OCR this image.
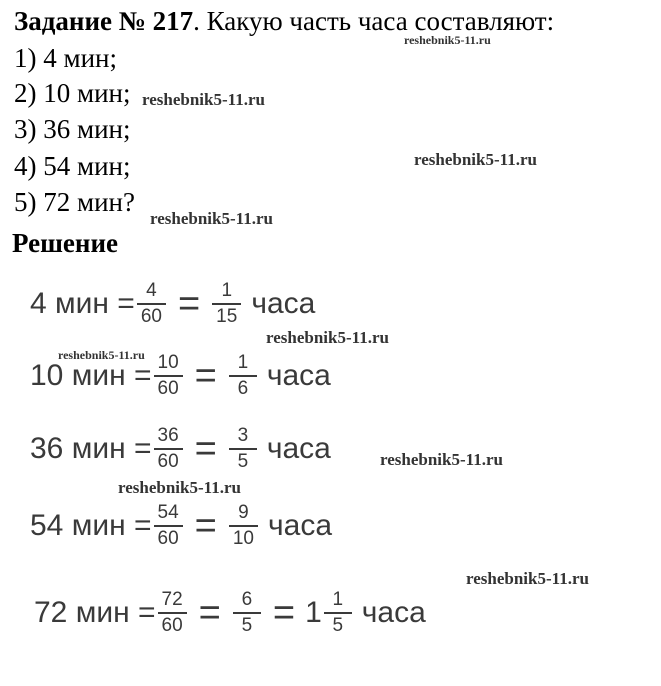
Задание № 217. Какую часть часа составляют:
1) 4 мин;
2) 10 мин;
3) 36 мин;
4) 54 мин;
5) 72 мин?
Решение
4 мин = $\frac{4}{60} = \frac{1}{15}$ часа
10 мин = $\frac{10}{60} = \frac{1}{6}$ часа
36 мин = $\frac{36}{60} = \frac{3}{5}$ часа
54 мин = $\frac{54}{60} = \frac{9}{10}$ часа
72 мин = $\frac{72}{60} = \frac{6}{5} = 1 \frac{1}{5}$ часа
reshebnik5-11.ru
reshebnik5-11.ru
reshebnik5-11.ru
reshebnik5-11.ru
reshebnik5-11.ru
reshebnik5-11.ru
reshebnik5-11.ru
reshebnik5-11.ru
reshebnik5-11.ru
